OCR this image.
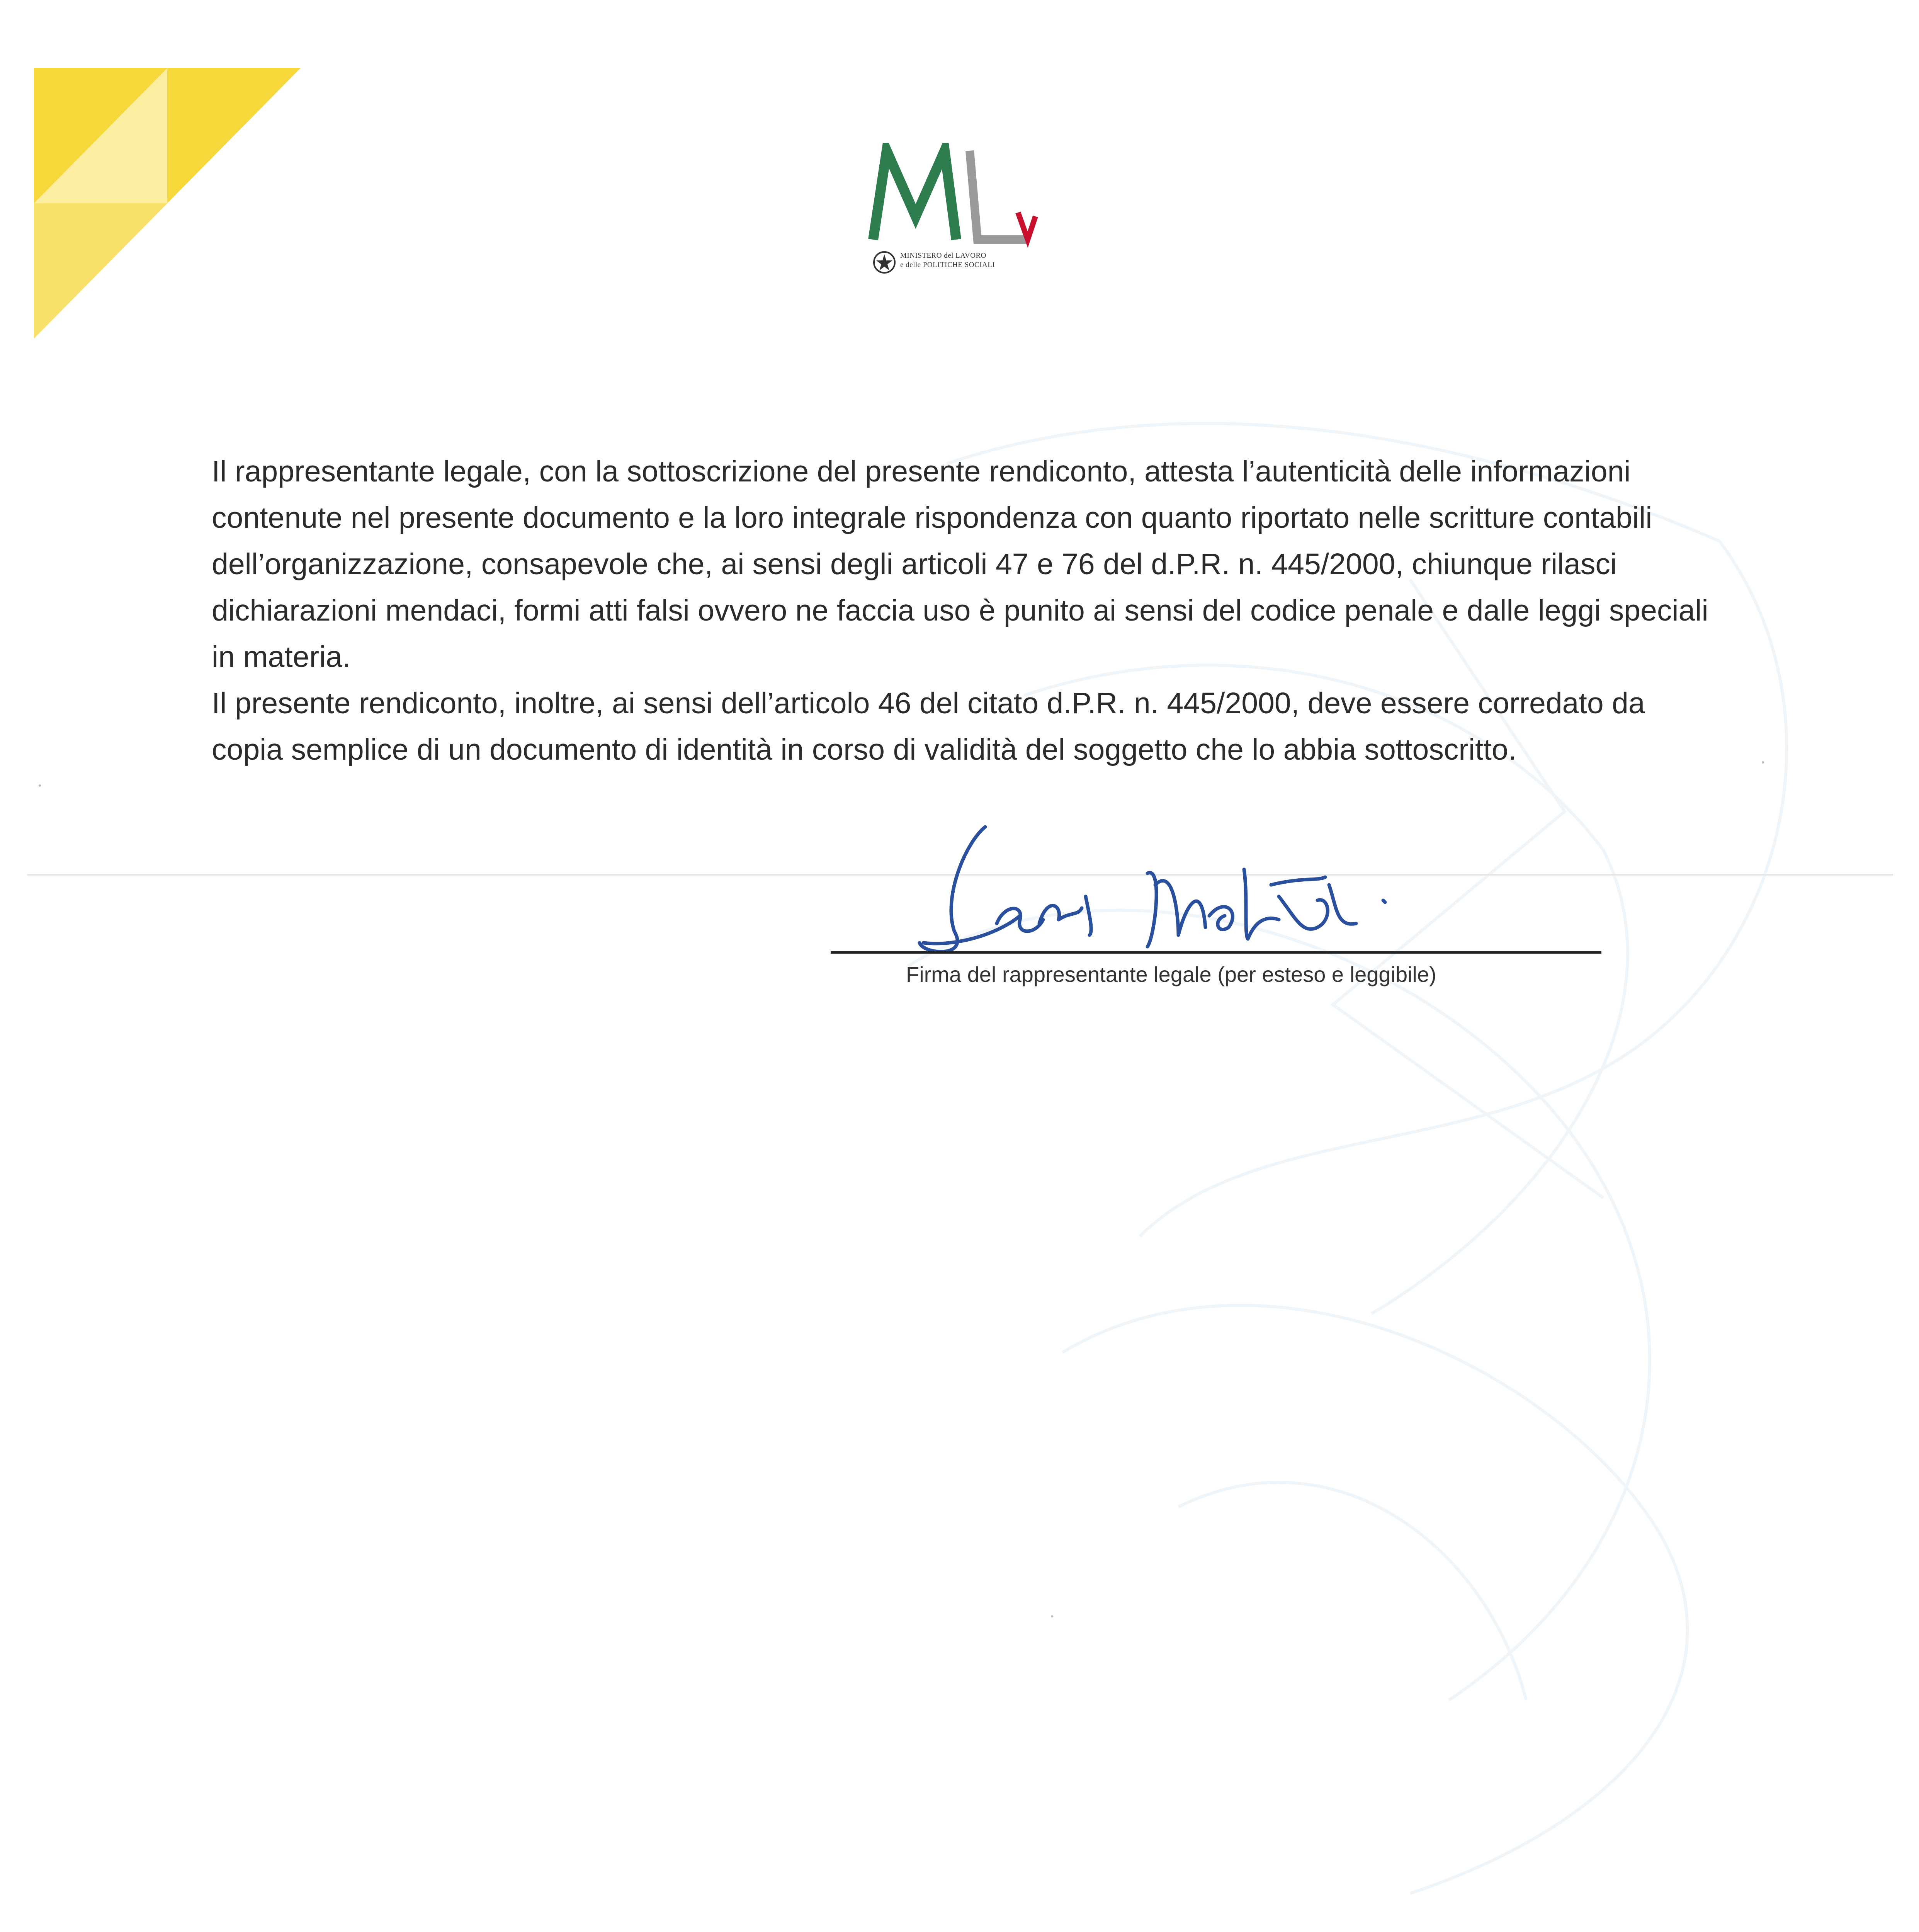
MINISTERO del LAVORO
e delle POLITICHE SOCIALI

Il rappresentante legale, con la sottoscrizione del presente rendiconto, attesta l’autenticità delle informazioni contenute nel presente documento e la loro integrale rispondenza con quanto riportato nelle scritture contabili dell’organizzazione, consapevole che, ai sensi degli articoli 47 e 76 del d.P.R. n. 445/2000, chiunque rilasci dichiarazioni mendaci, formi atti falsi ovvero ne faccia uso è punito ai sensi del codice penale e dalle leggi speciali in materia.

Il presente rendiconto, inoltre, ai sensi dell’articolo 46 del citato d.P.R. n. 445/2000, deve essere corredato da copia semplice di un documento di identità in corso di validità del soggetto che lo abbia sottoscritto.

Firma del rappresentante legale (per esteso e leggibile)
